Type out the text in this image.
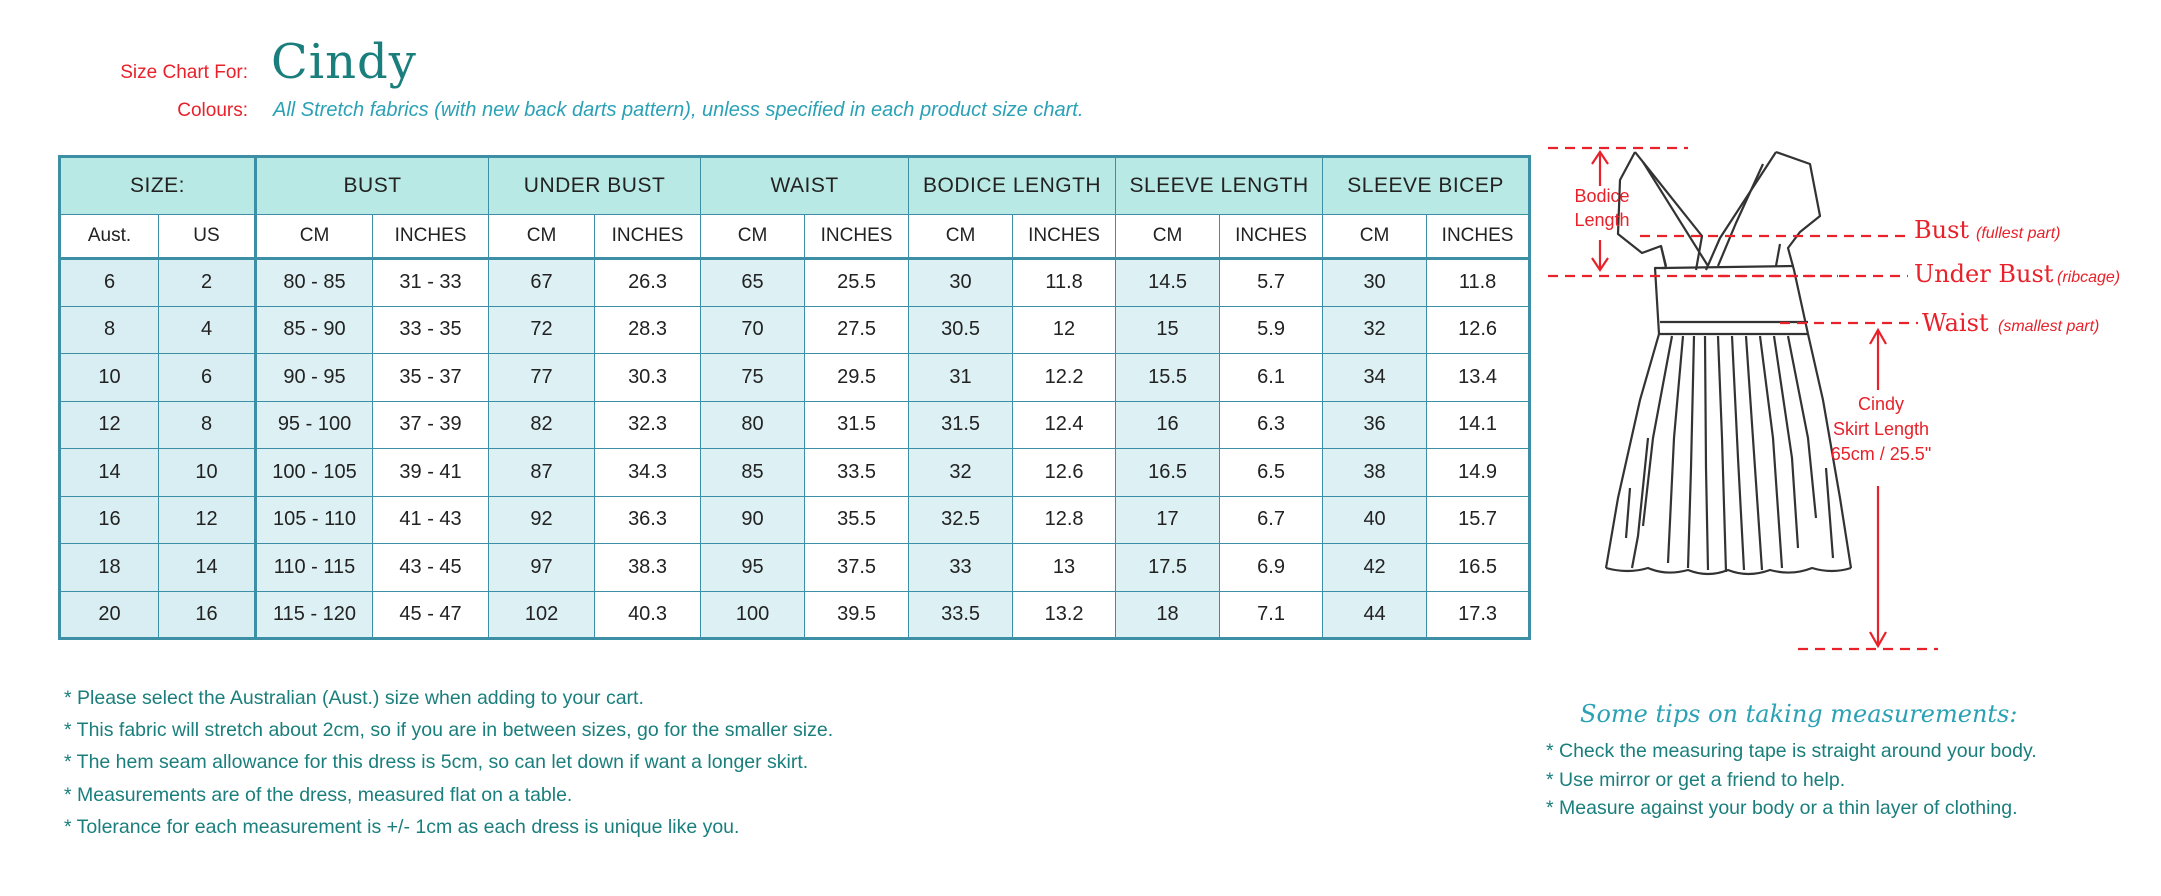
Size Chart For: Cindy
Colours: All Stretch fabrics (with new back darts pattern), unless specified in each product size chart.
SIZE:		BUST		UNDER BUST		WAIST		BODICE LENGTH		SLEEVE LENGTH		SLEEVE BICEP	
Aust.	US	CM	INCHES	CM	INCHES	CM	INCHES	CM	INCHES	CM	INCHES	CM	INCHES
6	2	80 - 85	31 - 33	67	26.3	65	25.5	30	11.8	14.5	5.7	30	11.8
8	4	85 - 90	33 - 35	72	28.3	70	27.5	30.5	12	15	5.9	32	12.6
10	6	90 - 95	35 - 37	77	30.3	75	29.5	31	12.2	15.5	6.1	34	13.4
12	8	95 - 100	37 - 39	82	32.3	80	31.5	31.5	12.4	16	6.3	36	14.1
14	10	100 - 105	39 - 41	87	34.3	85	33.5	32	12.6	16.5	6.5	38	14.9
16	12	105 - 110	41 - 43	92	36.3	90	35.5	32.5	12.8	17	6.7	40	15.7
18	14	110 - 115	43 - 45	97	38.3	95	37.5	33	13	17.5	6.9	42	16.5
20	16	115 - 120	45 - 47	102	40.3	100	39.5	33.5	13.2	18	7.1	44	17.3
* Please select the Australian (Aust.) size when adding to your cart.
* This fabric will stretch about 2cm, so if you are in between sizes, go for the smaller size.
* The hem seam allowance for this dress is 5cm, so can let down if want a longer skirt.
* Measurements are of the dress, measured flat on a table.
* Tolerance for each measurement is +/- 1cm as each dress is unique like you.
Bodice
Length	Bust (fullest part)
Under Bust (ribcage)
Waist (smallest part)
Cindy
Skirt Length
65cm / 25.5"
Some tips on taking measurements:
* Check the measuring tape is straight around your body.
* Use mirror or get a friend to help.
* Measure against your body or a thin layer of clothing.
